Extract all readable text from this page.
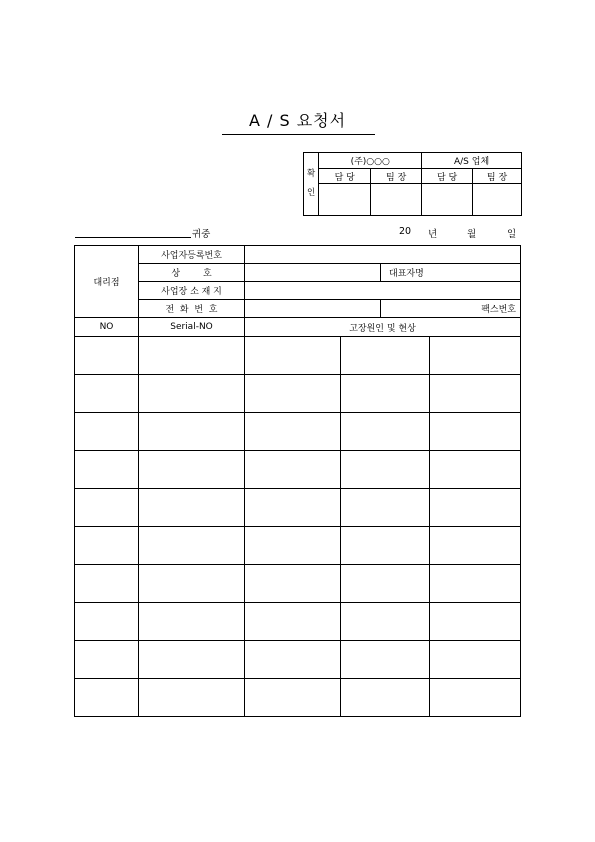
A / S 요청서
확인	(주)○○○		A/S 업체	
	담 당	팀 장	담 당	팀 장

귀중	20 년	월	일
대리점	사업자등록번호					
	상        호			대표자명		
	사업장 소 재 지					
	전  화  번  호			팩스번호		
NO	Serial-NO	고장원인 및 현상				
